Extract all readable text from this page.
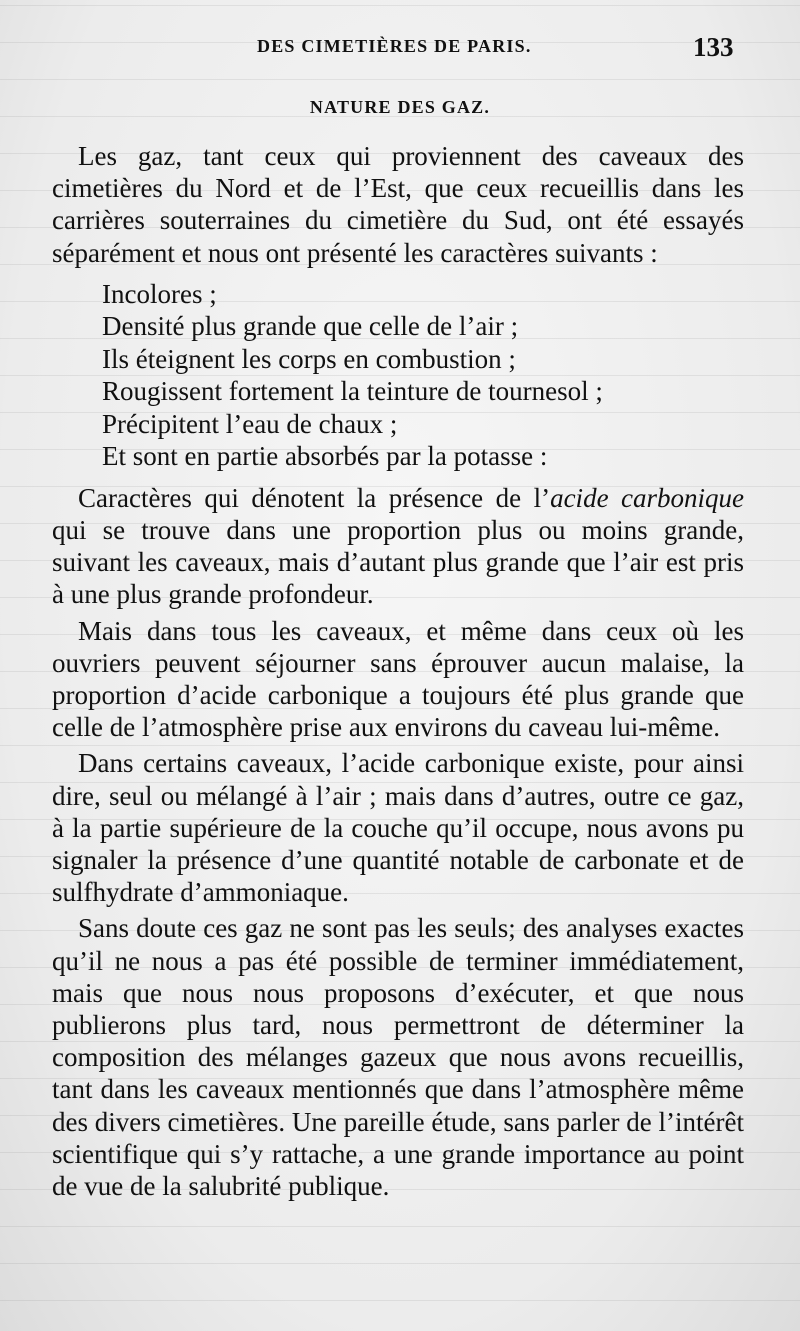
DES CIMETIÈRES DE PARIS.	133
NATURE DES GAZ.

Les gaz, tant ceux qui proviennent des caveaux des cimetières du Nord et de l’Est, que ceux recueillis dans les carrières souterraines du cimetière du Sud, ont été essayés séparément et nous ont présenté les caractères suivants :

Incolores ;
Densité plus grande que celle de l’air ;
Ils éteignent les corps en combustion ;
Rougissent fortement la teinture de tournesol ;
Précipitent l’eau de chaux ;
Et sont en partie absorbés par la potasse :

Caractères qui dénotent la présence de l’acide carbonique qui se trouve dans une proportion plus ou moins grande, suivant les caveaux, mais d’autant plus grande que l’air est pris à une plus grande profondeur.

Mais dans tous les caveaux, et même dans ceux où les ouvriers peuvent séjourner sans éprouver aucun malaise, la proportion d’acide carbonique a toujours été plus grande que celle de l’atmosphère prise aux environs du caveau lui-même.

Dans certains caveaux, l’acide carbonique existe, pour ainsi dire, seul ou mélangé à l’air ; mais dans d’autres, outre ce gaz, à la partie supérieure de la couche qu’il occupe, nous avons pu signaler la présence d’une quantité notable de carbonate et de sulfhydrate d’ammoniaque.

Sans doute ces gaz ne sont pas les seuls; des analyses exactes qu’il ne nous a pas été possible de terminer immédiatement, mais que nous nous proposons d’exécuter, et que nous publierons plus tard, nous permettront de déterminer la composition des mélanges gazeux que nous avons recueillis, tant dans les caveaux mentionnés que dans l’atmosphère même des divers cimetières. Une pareille étude, sans parler de l’intérêt scientifique qui s’y rattache, a une grande importance au point de vue de la salubrité publique.
